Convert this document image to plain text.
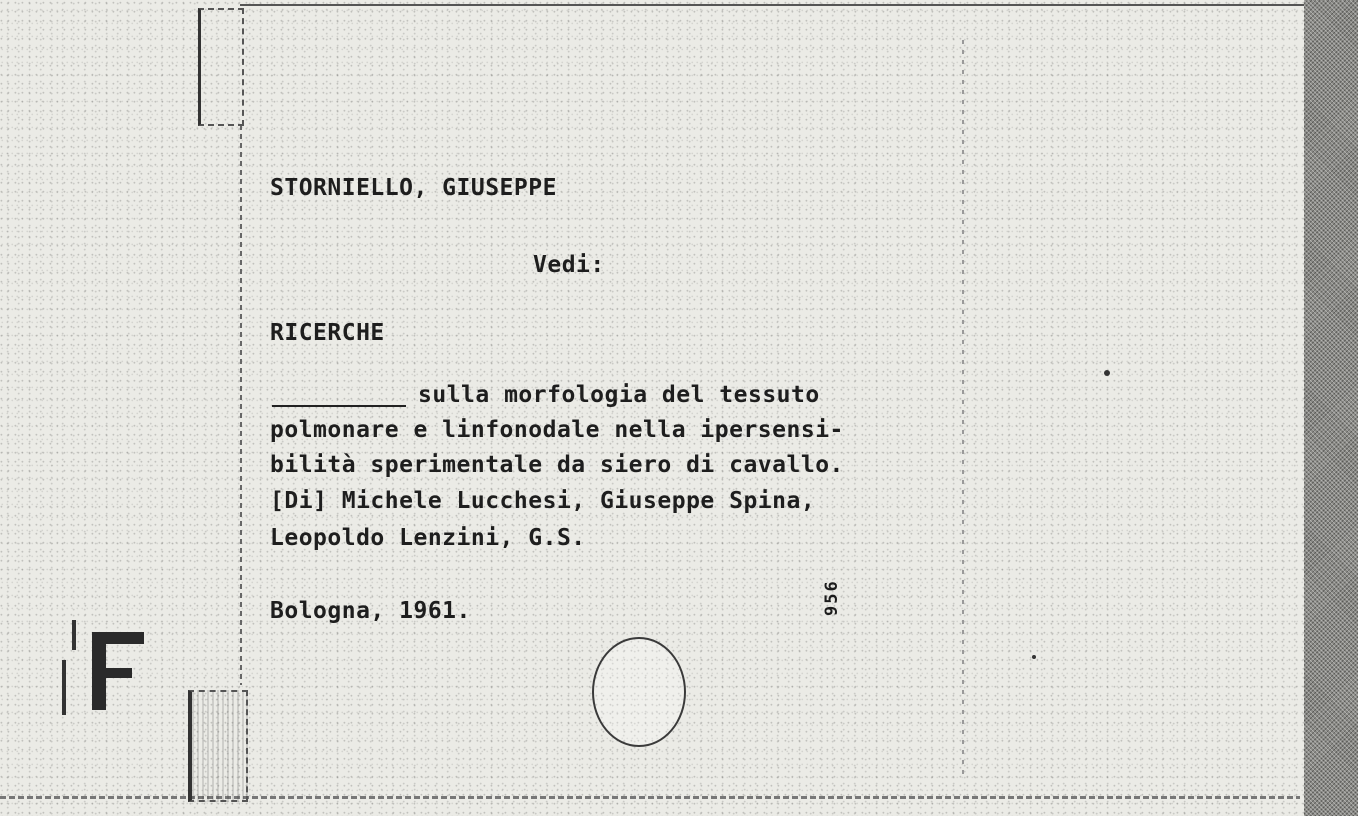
STORNIELLO, GIUSEPPE
Vedi:
RICERCHE
sulla morfologia del tessuto
polmonare e linfonodale nella ipersensi-
bilità sperimentale da siero di cavallo.
[Di] Michele Lucchesi, Giuseppe Spina,
Leopoldo Lenzini, G.S.
Bologna, 1961.	956
